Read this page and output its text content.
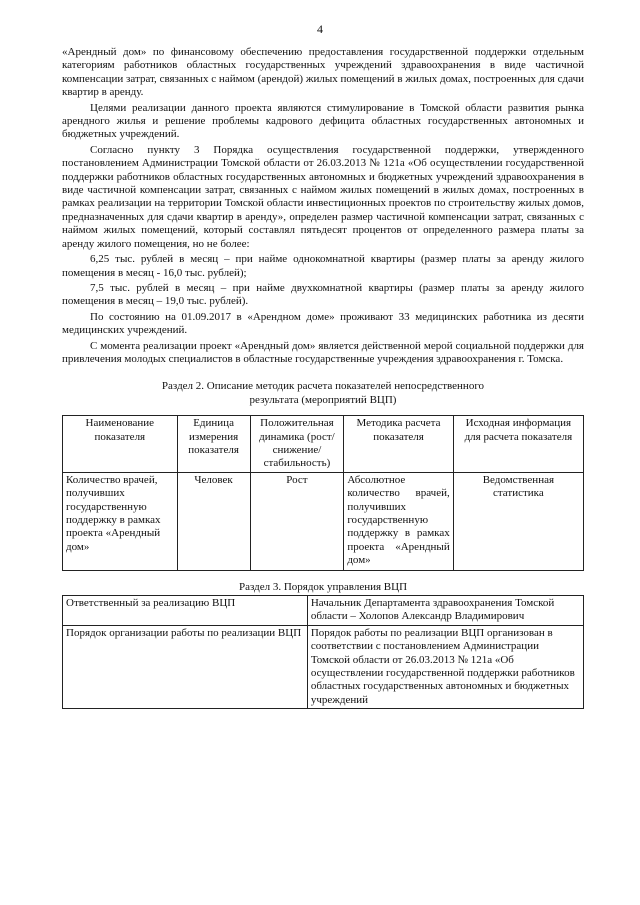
4

«Арендный дом» по финансовому обеспечению предоставления государственной поддержки отдельным категориям работников областных государственных учреждений здравоохранения в виде частичной компенсации затрат, связанных с наймом (арендой) жилых помещений в жилых домах, построенных для сдачи квартир в аренду.

Целями реализации данного проекта являются стимулирование в Томской области развития рынка арендного жилья и решение проблемы кадрового дефицита областных государственных автономных и бюджетных учреждений.

Согласно пункту 3 Порядка осуществления государственной поддержки, утвержденного постановлением Администрации Томской области от 26.03.2013 № 121а «Об осуществлении государственной поддержки работников областных государственных автономных и бюджетных учреждений здравоохранения в виде частичной компенсации затрат, связанных с наймом жилых помещений в жилых домах, построенных в рамках реализации на территории Томской области инвестиционных проектов по строительству жилых домов, предназначенных для сдачи квартир в аренду», определен размер частичной компенсации затрат, связанных с наймом жилых помещений, который составлял пятьдесят процентов от определенного размера платы за аренду жилого помещения, но не более:

6,25 тыс. рублей в месяц – при найме однокомнатной квартиры (размер платы за аренду жилого помещения в месяц - 16,0 тыс. рублей);

7,5 тыс. рублей в месяц – при найме двухкомнатной квартиры (размер платы за аренду жилого помещения в месяц – 19,0 тыс. рублей).

По состоянию на 01.09.2017 в «Арендном доме» проживают 33 медицинских работника из десяти медицинских учреждений.

С момента реализации проект «Арендный дом» является действенной мерой социальной поддержки для привлечения молодых специалистов в областные государственные учреждения здравоохранения г. Томска.

Раздел 2. Описание методик расчета показателей непосредственного
результата (мероприятий ВЦП)
Наименование показателя	Единица измерения показателя	Положительная динамика (рост/снижение/ стабильность)	Методика расчета показателя	Исходная информация для расчета показателя
Количество врачей, получивших государственную поддержку в рамках проекта «Арендный дом»	Человек	Рост	Абсолютное количество врачей, получивших государственную поддержку в рамках проекта «Арендный дом»	Ведомственная статистика
Раздел 3. Порядок управления ВЦП
Ответственный за реализацию ВЦП	Начальник Департамента здравоохранения Томской области – Холопов Александр Владимирович
Порядок организации работы по реализации ВЦП	Порядок работы по реализации ВЦП организован в соответствии с постановлением Администрации Томской области от 26.03.2013 № 121а «Об осуществлении государственной поддержки работников областных государственных автономных и бюджетных учреждений
